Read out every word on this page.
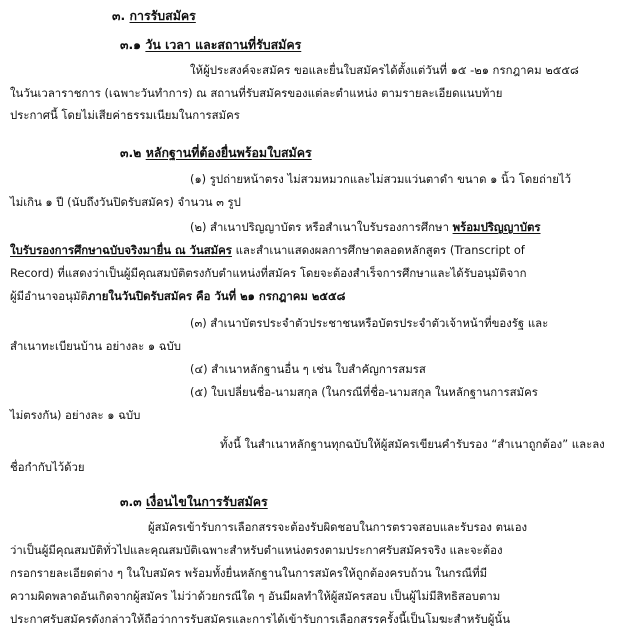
๓. การรับสมัคร
๓.๑ วัน เวลา และสถานที่รับสมัคร
ให้ผู้ประสงค์จะสมัคร ขอและยื่นใบสมัครได้ตั้งแต่วันที่ ๑๕ -๒๑ กรกฎาคม ๒๕๕๘
ในวันเวลาราชการ (เฉพาะวันทำการ) ณ สถานที่รับสมัครของแต่ละตำแหน่ง ตามรายละเอียดแนบท้าย
ประกาศนี้ โดยไม่เสียค่าธรรมเนียมในการสมัคร
๓.๒ หลักฐานที่ต้องยื่นพร้อมใบสมัคร
(๑) รูปถ่ายหน้าตรง ไม่สวมหมวกและไม่สวมแว่นตาดำ ขนาด ๑ นิ้ว โดยถ่ายไว้
ไม่เกิน ๑ ปี (นับถึงวันปิดรับสมัคร) จำนวน ๓ รูป
(๒) สำเนาปริญญาบัตร หรือสำเนาใบรับรองการศึกษา พร้อมปริญญาบัตร
ใบรับรองการศึกษาฉบับจริงมายื่น ณ วันสมัคร และสำเนาแสดงผลการศึกษาตลอดหลักสูตร (Transcript of
Record) ที่แสดงว่าเป็นผู้มีคุณสมบัติตรงกับตำแหน่งที่สมัคร โดยจะต้องสำเร็จการศึกษาและได้รับอนุมัติจาก
ผู้มีอำนาจอนุมัติภายในวันปิดรับสมัคร คือ วันที่ ๒๑ กรกฎาคม ๒๕๕๘
(๓) สำเนาบัตรประจำตัวประชาชนหรือบัตรประจำตัวเจ้าหน้าที่ของรัฐ และ
สำเนาทะเบียนบ้าน อย่างละ ๑ ฉบับ
(๔) สำเนาหลักฐานอื่น ๆ เช่น ใบสำคัญการสมรส
(๕) ใบเปลี่ยนชื่อ-นามสกุล (ในกรณีที่ชื่อ-นามสกุล ในหลักฐานการสมัคร
ไม่ตรงกัน) อย่างละ ๑ ฉบับ
ทั้งนี้ ในสำเนาหลักฐานทุกฉบับให้ผู้สมัครเขียนคำรับรอง “สำเนาถูกต้อง” และลง
ชื่อกำกับไว้ด้วย
๓.๓ เงื่อนไขในการรับสมัคร
ผู้สมัครเข้ารับการเลือกสรรจะต้องรับผิดชอบในการตรวจสอบและรับรอง ตนเอง
ว่าเป็นผู้มีคุณสมบัติทั่วไปและคุณสมบัติเฉพาะสำหรับตำแหน่งตรงตามประกาศรับสมัครจริง และจะต้อง
กรอกรายละเอียดต่าง ๆ ในใบสมัคร พร้อมทั้งยื่นหลักฐานในการสมัครให้ถูกต้องครบถ้วน ในกรณีที่มี
ความผิดพลาดอันเกิดจากผู้สมัคร ไม่ว่าด้วยกรณีใด ๆ อันมีผลทำให้ผู้สมัครสอบ เป็นผู้ไม่มีสิทธิสอบตาม
ประกาศรับสมัครดังกล่าวให้ถือว่าการรับสมัครและการได้เข้ารับการเลือกสรรครั้งนี้เป็นโมฆะสำหรับผู้นั้น
